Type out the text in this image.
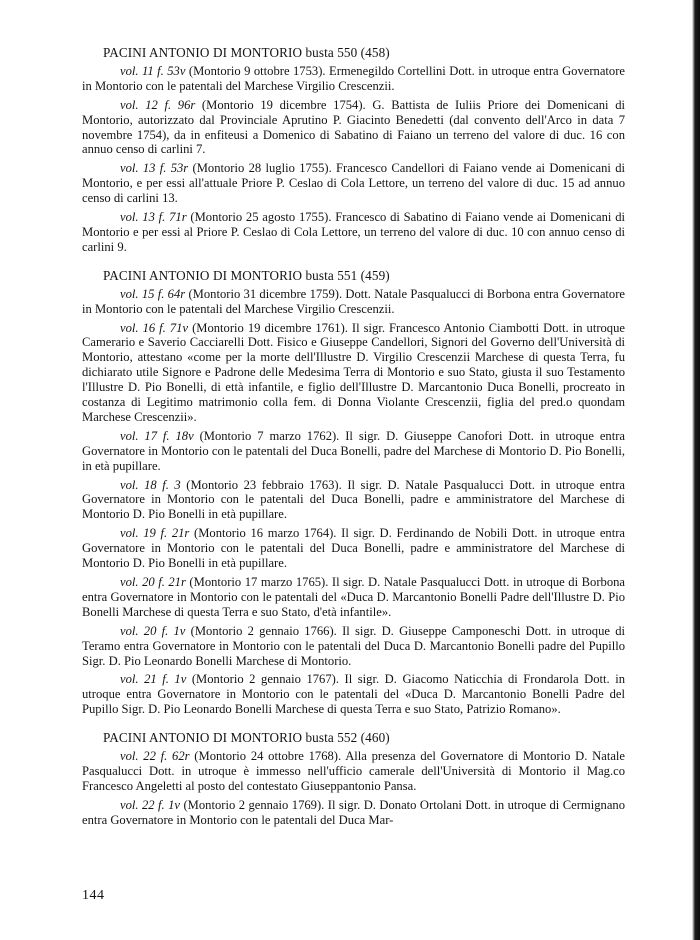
PACINI ANTONIO DI MONTORIO busta 550 (458)

vol. 11 f. 53v (Montorio 9 ottobre 1753). Ermenegildo Cortellini Dott. in utroque entra Governatore in Montorio con le patentali del Marchese Virgilio Crescenzii.

vol. 12 f. 96r (Montorio 19 dicembre 1754). G. Battista de Iuliis Priore dei Domenicani di Montorio, autorizzato dal Provinciale Aprutino P. Giacinto Benedetti (dal convento dell'Arco in data 7 novembre 1754), da in enfiteusi a Domenico di Sabatino di Faiano un terreno del valore di duc. 16 con annuo censo di carlini 7.

vol. 13 f. 53r (Montorio 28 luglio 1755). Francesco Candellori di Faiano vende ai Domenicani di Montorio, e per essi all'attuale Priore P. Ceslao di Cola Lettore, un terreno del valore di duc. 15 ad annuo censo di carlini 13.

vol. 13 f. 71r (Montorio 25 agosto 1755). Francesco di Sabatino di Faiano vende ai Domenicani di Montorio e per essi al Priore P. Ceslao di Cola Lettore, un terreno del valore di duc. 10 con annuo censo di carlini 9.

PACINI ANTONIO DI MONTORIO busta 551 (459)

vol. 15 f. 64r (Montorio 31 dicembre 1759). Dott. Natale Pasqualucci di Borbona entra Governatore in Montorio con le patentali del Marchese Virgilio Crescenzii.

vol. 16 f. 71v (Montorio 19 dicembre 1761). Il sigr. Francesco Antonio Ciambotti Dott. in utroque Camerario e Saverio Cacciarelli Dott. Fisico e Giuseppe Candellori, Signori del Governo dell'Università di Montorio, attestano «come per la morte dell'Illustre D. Virgilio Crescenzii Marchese di questa Terra, fu dichiarato utile Signore e Padrone delle Medesima Terra di Montorio e suo Stato, giusta il suo Testamento l'Illustre D. Pio Bonelli, di ettà infantile, e figlio dell'Illustre D. Marcantonio Duca Bonelli, procreato in costanza di Legitimo matrimonio colla fem. di Donna Violante Crescenzii, figlia del pred.o quondam Marchese Crescenzii».

vol. 17 f. 18v (Montorio 7 marzo 1762). Il sigr. D. Giuseppe Canofori Dott. in utroque entra Governatore in Montorio con le patentali del Duca Bonelli, padre del Marchese di Montorio D. Pio Bonelli, in età pupillare.

vol. 18 f. 3 (Montorio 23 febbraio 1763). Il sigr. D. Natale Pasqualucci Dott. in utroque entra Governatore in Montorio con le patentali del Duca Bonelli, padre e amministratore del Marchese di Montorio D. Pio Bonelli in età pupillare.

vol. 19 f. 21r (Montorio 16 marzo 1764). Il sigr. D. Ferdinando de Nobili Dott. in utroque entra Governatore in Montorio con le patentali del Duca Bonelli, padre e amministratore del Marchese di Montorio D. Pio Bonelli in età pupillare.

vol. 20 f. 21r (Montorio 17 marzo 1765). Il sigr. D. Natale Pasqualucci Dott. in utroque di Borbona entra Governatore in Montorio con le patentali del «Duca D. Marcantonio Bonelli Padre dell'Illustre D. Pio Bonelli Marchese di questa Terra e suo Stato, d'età infantile».

vol. 20 f. 1v (Montorio 2 gennaio 1766). Il sigr. D. Giuseppe Camponeschi Dott. in utroque di Teramo entra Governatore in Montorio con le patentali del Duca D. Marcantonio Bonelli padre del Pupillo Sigr. D. Pio Leonardo Bonelli Marchese di Montorio.

vol. 21 f. 1v (Montorio 2 gennaio 1767). Il sigr. D. Giacomo Naticchia di Frondarola Dott. in utroque entra Governatore in Montorio con le patentali del «Duca D. Marcantonio Bonelli Padre del Pupillo Sigr. D. Pio Leonardo Bonelli Marchese di questa Terra e suo Stato, Patrizio Romano».

PACINI ANTONIO DI MONTORIO busta 552 (460)

vol. 22 f. 62r (Montorio 24 ottobre 1768). Alla presenza del Governatore di Montorio D. Natale Pasqualucci Dott. in utroque è immesso nell'ufficio camerale dell'Università di Montorio il Mag.co Francesco Angeletti al posto del contestato Giuseppantonio Pansa.

vol. 22 f. 1v (Montorio 2 gennaio 1769). Il sigr. D. Donato Ortolani Dott. in utroque di Cermignano entra Governatore in Montorio con le patentali del Duca Mar-

144
